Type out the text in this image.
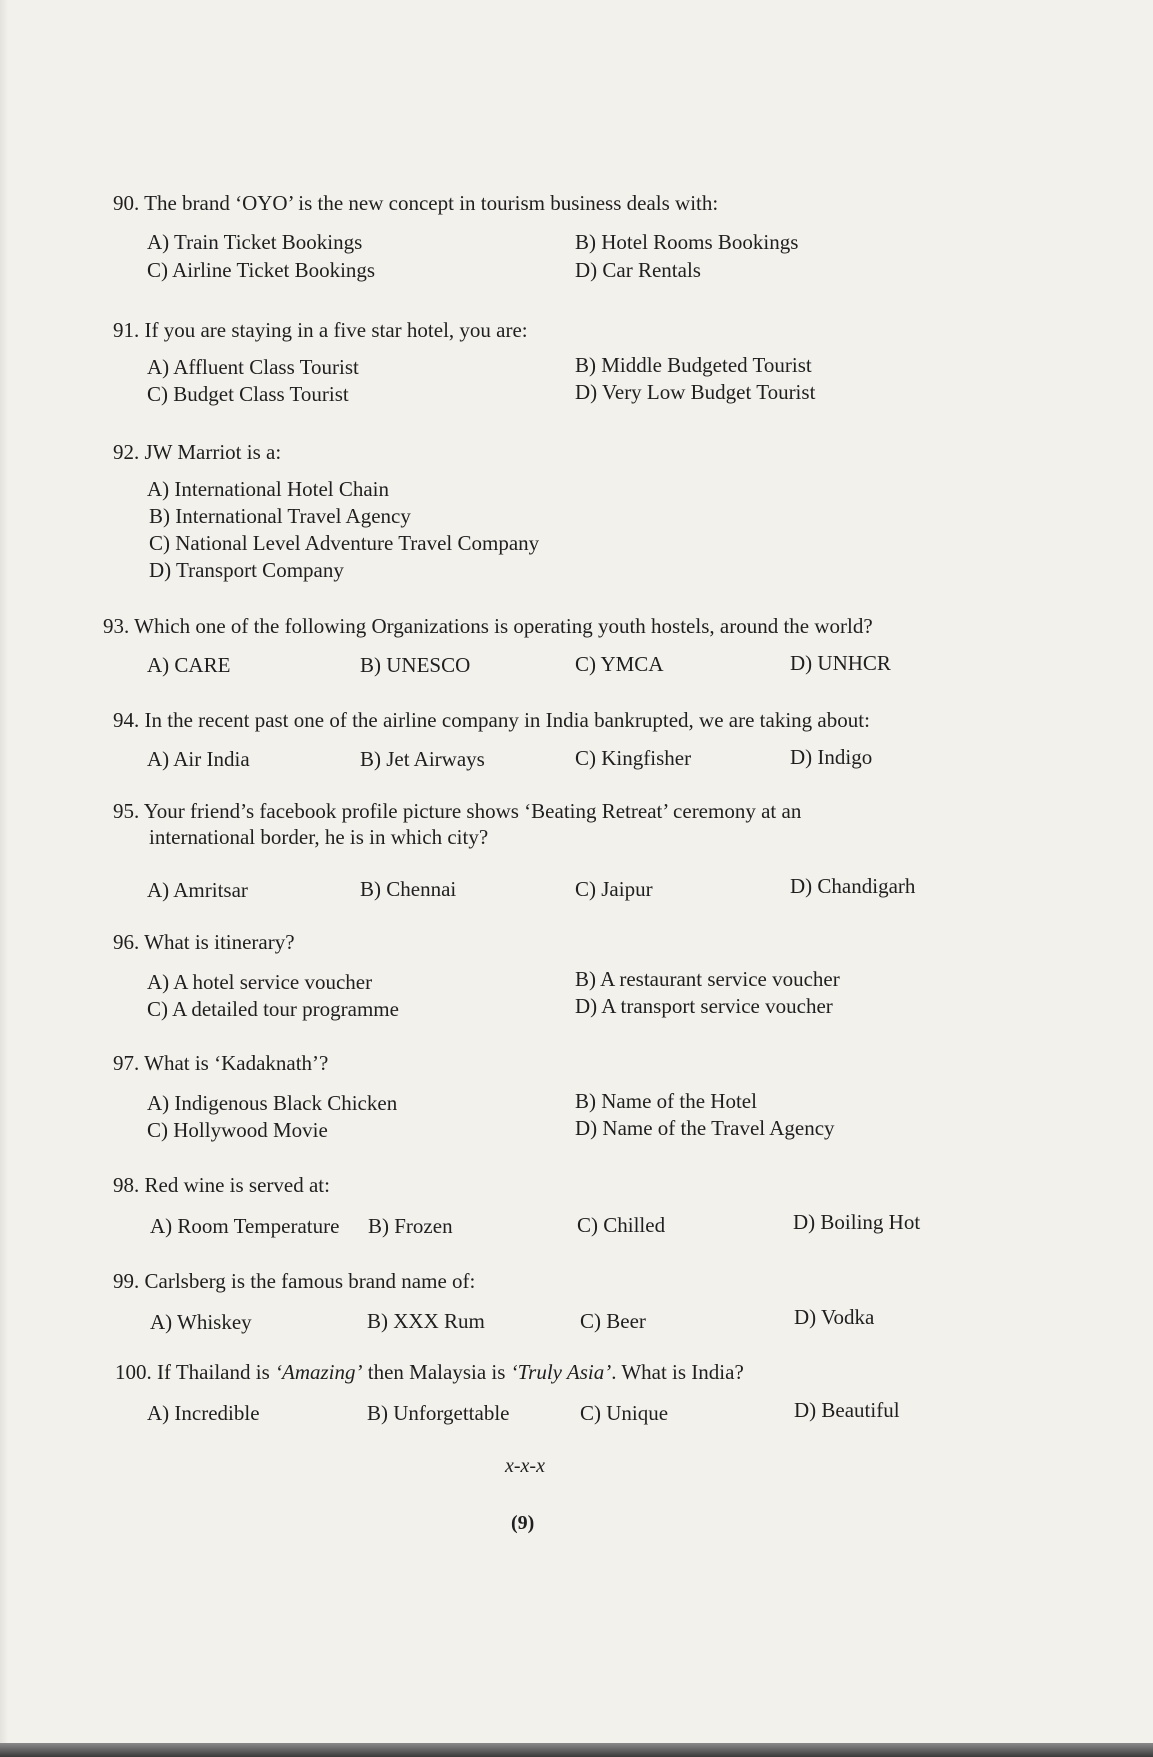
90. The brand ‘OYO’ is the new concept in tourism business deals with:
A) Train Ticket Bookings	B) Hotel Rooms Bookings
C) Airline Ticket Bookings	D) Car Rentals
91. If you are staying in a five star hotel, you are:
A) Affluent Class Tourist	B) Middle Budgeted Tourist
C) Budget Class Tourist	D) Very Low Budget Tourist
92. JW Marriot is a:
A) International Hotel Chain
B) International Travel Agency
C) National Level Adventure Travel Company
D) Transport Company
93. Which one of the following Organizations is operating youth hostels, around the world?
A) CARE	B) UNESCO	C) YMCA	D) UNHCR
94. In the recent past one of the airline company in India bankrupted, we are taking about:
A) Air India	B) Jet Airways	C) Kingfisher	D) Indigo
95. Your friend’s facebook profile picture shows ‘Beating Retreat’ ceremony at an
international border, he is in which city?
A) Amritsar	B) Chennai	C) Jaipur	D) Chandigarh
96. What is itinerary?
A) A hotel service voucher	B) A restaurant service voucher
C) A detailed tour programme	D) A transport service voucher
97. What is ‘Kadaknath’?
A) Indigenous Black Chicken	B) Name of the Hotel
C) Hollywood Movie	D) Name of the Travel Agency
98. Red wine is served at:
A) Room Temperature B) Frozen	C) Chilled	D) Boiling Hot
99. Carlsberg is the famous brand name of:
A) Whiskey	B) XXX Rum	C) Beer	D) Vodka
100. If Thailand is ‘Amazing’ then Malaysia is ‘Truly Asia’. What is India?
A) Incredible	B) Unforgettable	C) Unique	D) Beautiful
x-x-x
(9)
